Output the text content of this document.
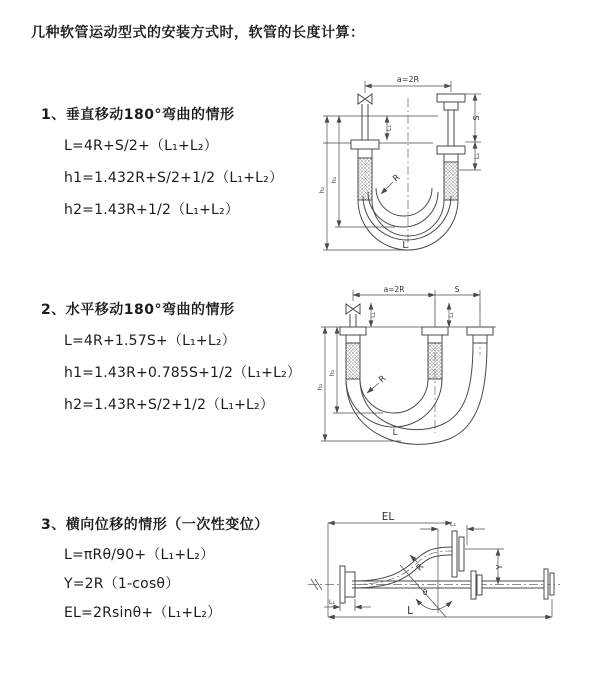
几种软管运动型式的安装方式时，软管的长度计算：
1、垂直移动180°弯曲的情形
L=4R+S/2+（L₁+L₂）
h1=1.432R+S/2+1/2（L₁+L₂）
h2=1.43R+1/2（L₁+L₂）
2、水平移动180°弯曲的情形
L=4R+1.57S+（L₁+L₂）
h1=1.43R+0.785S+1/2（L₁+L₂）
h2=1.43R+S/2+1/2（L₁+L₂）
3、横向位移的情形（一次性变位）
L=πRθ/90+（L₁+L₂）
Y=2R（1-cosθ）
EL=2Rsinθ+（L₁+L₂）
a=2R
L₁
S
L₁
h₂
h₁	R
L
a=2R	S
L₁	L₁
h₂
h₁
R
L
EL
L₁
θ
R	Y
L₁
L
